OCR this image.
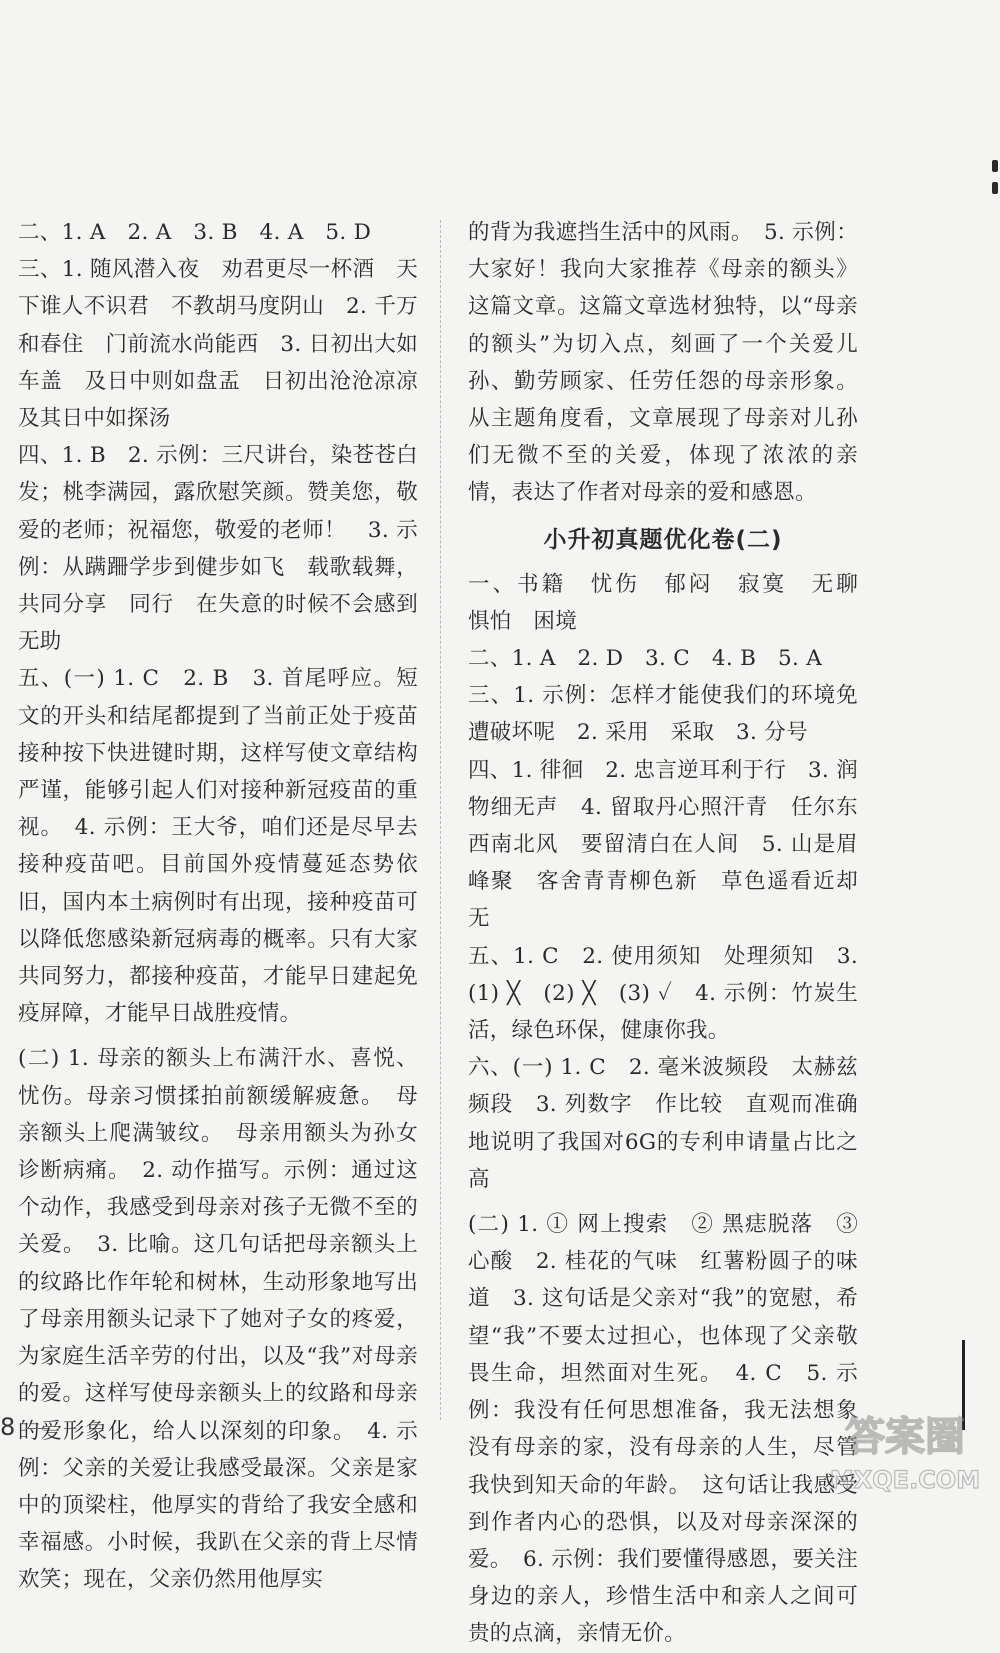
二、1. A　2. A　3. B　4. A　5. D

三、1. 随风潜入夜　劝君更尽一杯酒　天下谁人不识君　不教胡马度阴山　2. 千万和春住　门前流水尚能西　3. 日初出大如车盖　及日中则如盘盂　日初出沧沧凉凉　及其日中如探汤

四、1. B　2. 示例：三尺讲台，染苍苍白发；桃李满园，露欣慰笑颜。赞美您，敬爱的老师；祝福您，敬爱的老师！　3. 示例：从蹒跚学步到健步如飞　载歌载舞，共同分享　同行　在失意的时候不会感到无助

五、(一) 1. C　2. B　3. 首尾呼应。短文的开头和结尾都提到了当前正处于疫苗接种按下快进键时期，这样写使文章结构严谨，能够引起人们对接种新冠疫苗的重视。　4. 示例：王大爷，咱们还是尽早去接种疫苗吧。目前国外疫情蔓延态势依旧，国内本土病例时有出现，接种疫苗可以降低您感染新冠病毒的概率。只有大家共同努力，都接种疫苗，才能早日建起免疫屏障，才能早日战胜疫情。

(二) 1. 母亲的额头上布满汗水、喜悦、忧伤。母亲习惯揉拍前额缓解疲惫。　母亲额头上爬满皱纹。　母亲用额头为孙女诊断病痛。　2. 动作描写。示例：通过这个动作，我感受到母亲对孩子无微不至的关爱。　3. 比喻。这几句话把母亲额头上的纹路比作年轮和树林，生动形象地写出了母亲用额头记录下了她对子女的疼爱，为家庭生活辛劳的付出，以及“我”对母亲的爱。这样写使母亲额头上的纹路和母亲的爱形象化，给人以深刻的印象。　4. 示例：父亲的关爱让我感受最深。父亲是家中的顶梁柱，他厚实的背给了我安全感和幸福感。小时候，我趴在父亲的背上尽情欢笑；现在，父亲仍然用他厚实

的背为我遮挡生活中的风雨。　5. 示例：大家好！我向大家推荐《母亲的额头》这篇文章。这篇文章选材独特，以“母亲的额头”为切入点，刻画了一个关爱儿孙、勤劳顾家、任劳任怨的母亲形象。从主题角度看，文章展现了母亲对儿孙们无微不至的关爱，体现了浓浓的亲情，表达了作者对母亲的爱和感恩。

小升初真题优化卷(二)

一、书籍　忧伤　郁闷　寂寞　无聊　惧怕　困境

二、1. A　2. D　3. C　4. B　5. A

三、1. 示例：怎样才能使我们的环境免遭破坏呢　2. 采用　采取　3. 分号

四、1. 徘徊　2. 忠言逆耳利于行　3. 润物细无声　4. 留取丹心照汗青　任尔东西南北风　要留清白在人间　5. 山是眉峰聚　客舍青青柳色新　草色遥看近却无

五、1. C　2. 使用须知　处理须知　3. (1) ╳　(2) ╳　(3) ✓　4. 示例：竹炭生活，绿色环保，健康你我。

六、(一) 1. C　2. 毫米波频段　太赫兹频段　3. 列数字　作比较　直观而准确地说明了我国对6G的专利申请量占比之高

(二) 1. ① 网上搜索　② 黑痣脱落　③ 心酸　2. 桂花的气味　红薯粉圆子的味道　3. 这句话是父亲对“我”的宽慰，希望“我”不要太过担心，也体现了父亲敬畏生命，坦然面对生死。　4. C　5. 示例：我没有任何思想准备，我无法想象没有母亲的家，没有母亲的人生，尽管我快到知天命的年龄。　这句话让我感受到作者内心的恐惧，以及对母亲深深的爱。　6. 示例：我们要懂得感恩，要关注身边的亲人，珍惜生活中和亲人之间可贵的点滴，亲情无价。

8	答案圈
MXQE.COM
